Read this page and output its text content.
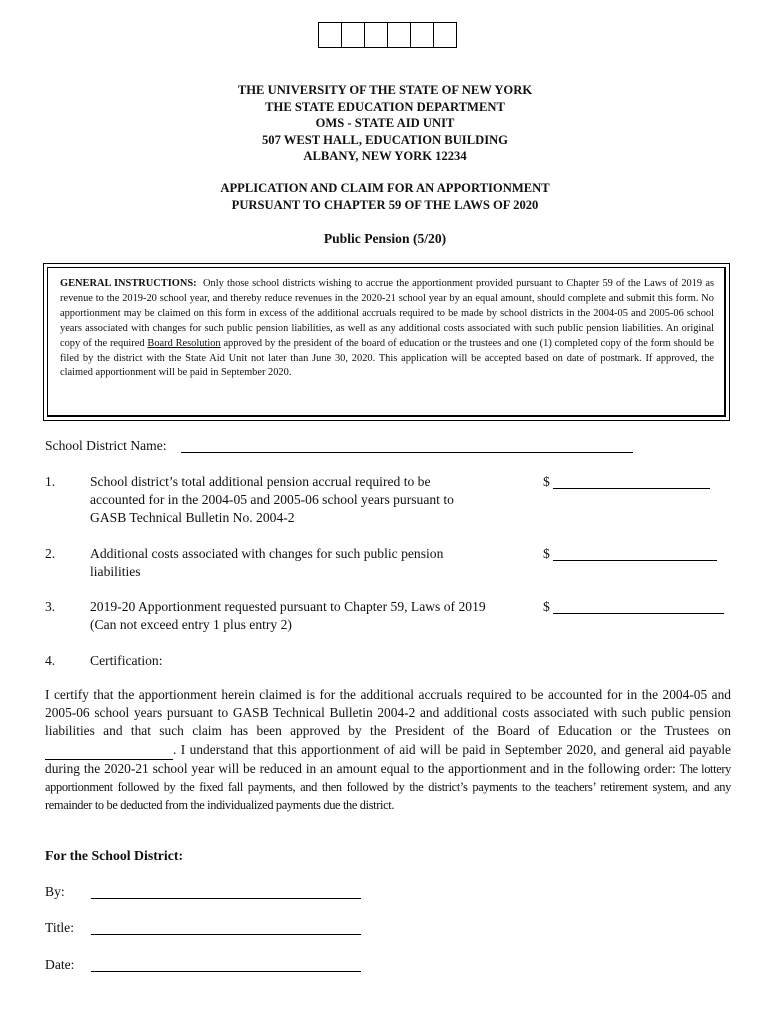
THE UNIVERSITY OF THE STATE OF NEW YORK
THE STATE EDUCATION DEPARTMENT
OMS - STATE AID UNIT
507 WEST HALL, EDUCATION BUILDING
ALBANY, NEW YORK 12234
APPLICATION AND CLAIM FOR AN APPORTIONMENT
PURSUANT TO CHAPTER 59 OF THE LAWS OF 2020
Public Pension (5/20)
GENERAL INSTRUCTIONS: Only those school districts wishing to accrue the apportionment provided pursuant to Chapter 59 of the Laws of 2019 as revenue to the 2019-20 school year, and thereby reduce revenues in the 2020-21 school year by an equal amount, should complete and submit this form. No apportionment may be claimed on this form in excess of the additional accruals required to be made by school districts in the 2004-05 and 2005-06 school years associated with changes for such public pension liabilities, as well as any additional costs associated with such public pension liabilities. An original copy of the required Board Resolution approved by the president of the board of education or the trustees and one (1) completed copy of the form should be filed by the district with the State Aid Unit not later than June 30, 2020. This application will be accepted based on date of postmark. If approved, the claimed apportionment will be paid in September 2020.
School District Name:
1.	School district’s total additional pension accrual required to be
accounted for in the 2004-05 and 2005-06 school years pursuant to
GASB Technical Bulletin No. 2004-2
$
2.	Additional costs associated with changes for such public pension
liabilities
$
3.	2019-20 Apportionment requested pursuant to Chapter 59, Laws of 2019
(Can not exceed entry 1 plus entry 2)
$
4.	Certification:
I certify that the apportionment herein claimed is for the additional accruals required to be accounted for in the 2004-05 and 2005-06 school years pursuant to GASB Technical Bulletin 2004-2 and additional costs associated with such public pension liabilities and that such claim has been approved by the President of the Board of Education or the Trustees on  . I understand that this apportionment of aid will be paid in September 2020, and general aid payable during the 2020-21 school year will be reduced in an amount equal to the apportionment and in the following order: The lottery apportionment followed by the fixed fall payments, and then followed by the district’s payments to the teachers’ retirement system, and any remainder to be deducted from the individualized payments due the district.
For the School District:
By:
Title:
Date:
